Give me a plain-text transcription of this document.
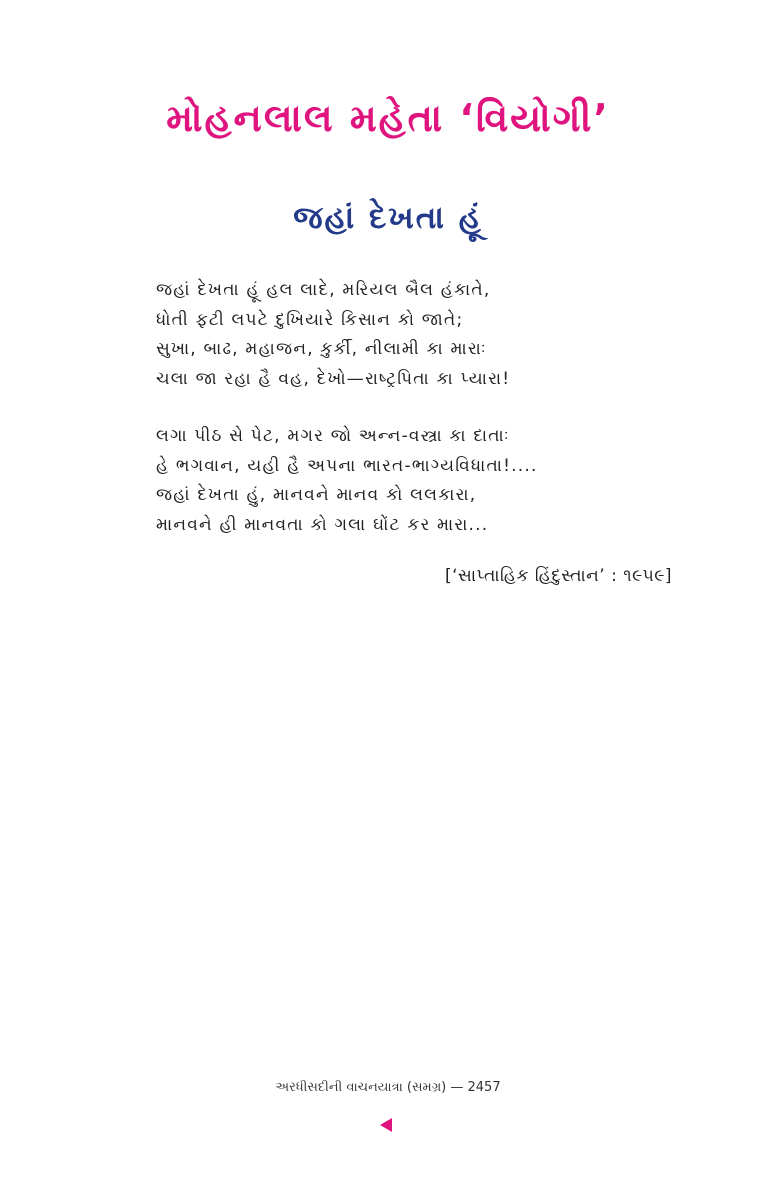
મોહનલાલ મહેતા ‘વિયોગી’
જહાં દેખતા હૂં
જહાં દેખતા હૂં હલ લાદે, મરિયલ બૈલ હંકાતે,
ધોતી ફટી લપટે દુખિયારે કિસાન કો જાતે;
સુખા, બાઢ, મહાજન, કુર્કી, નીલામી કા મારાઃ
ચલા જા રહા હૈ વહ, દેખો—રાષ્ટ્રપિતા કા પ્યારા!
લગા પીઠ સે પેટ, મગર જો અન્ન-વસ્ત્રા કા દાતાઃ
હે ભગવાન, યહી હૈ અપના ભારત-ભાગ્યવિધાતા!....
જહાં દેખતા હું, માનવને માનવ કો લલકારા,
માનવને હી માનવતા કો ગલા ઘોંટ કર મારા...
[‘સાપ્તાહિક હિંદુસ્તાન’ : ૧૯૫૯]
અરધીસદીની વાચનયાત્રા (સમગ્ર) — 2457
